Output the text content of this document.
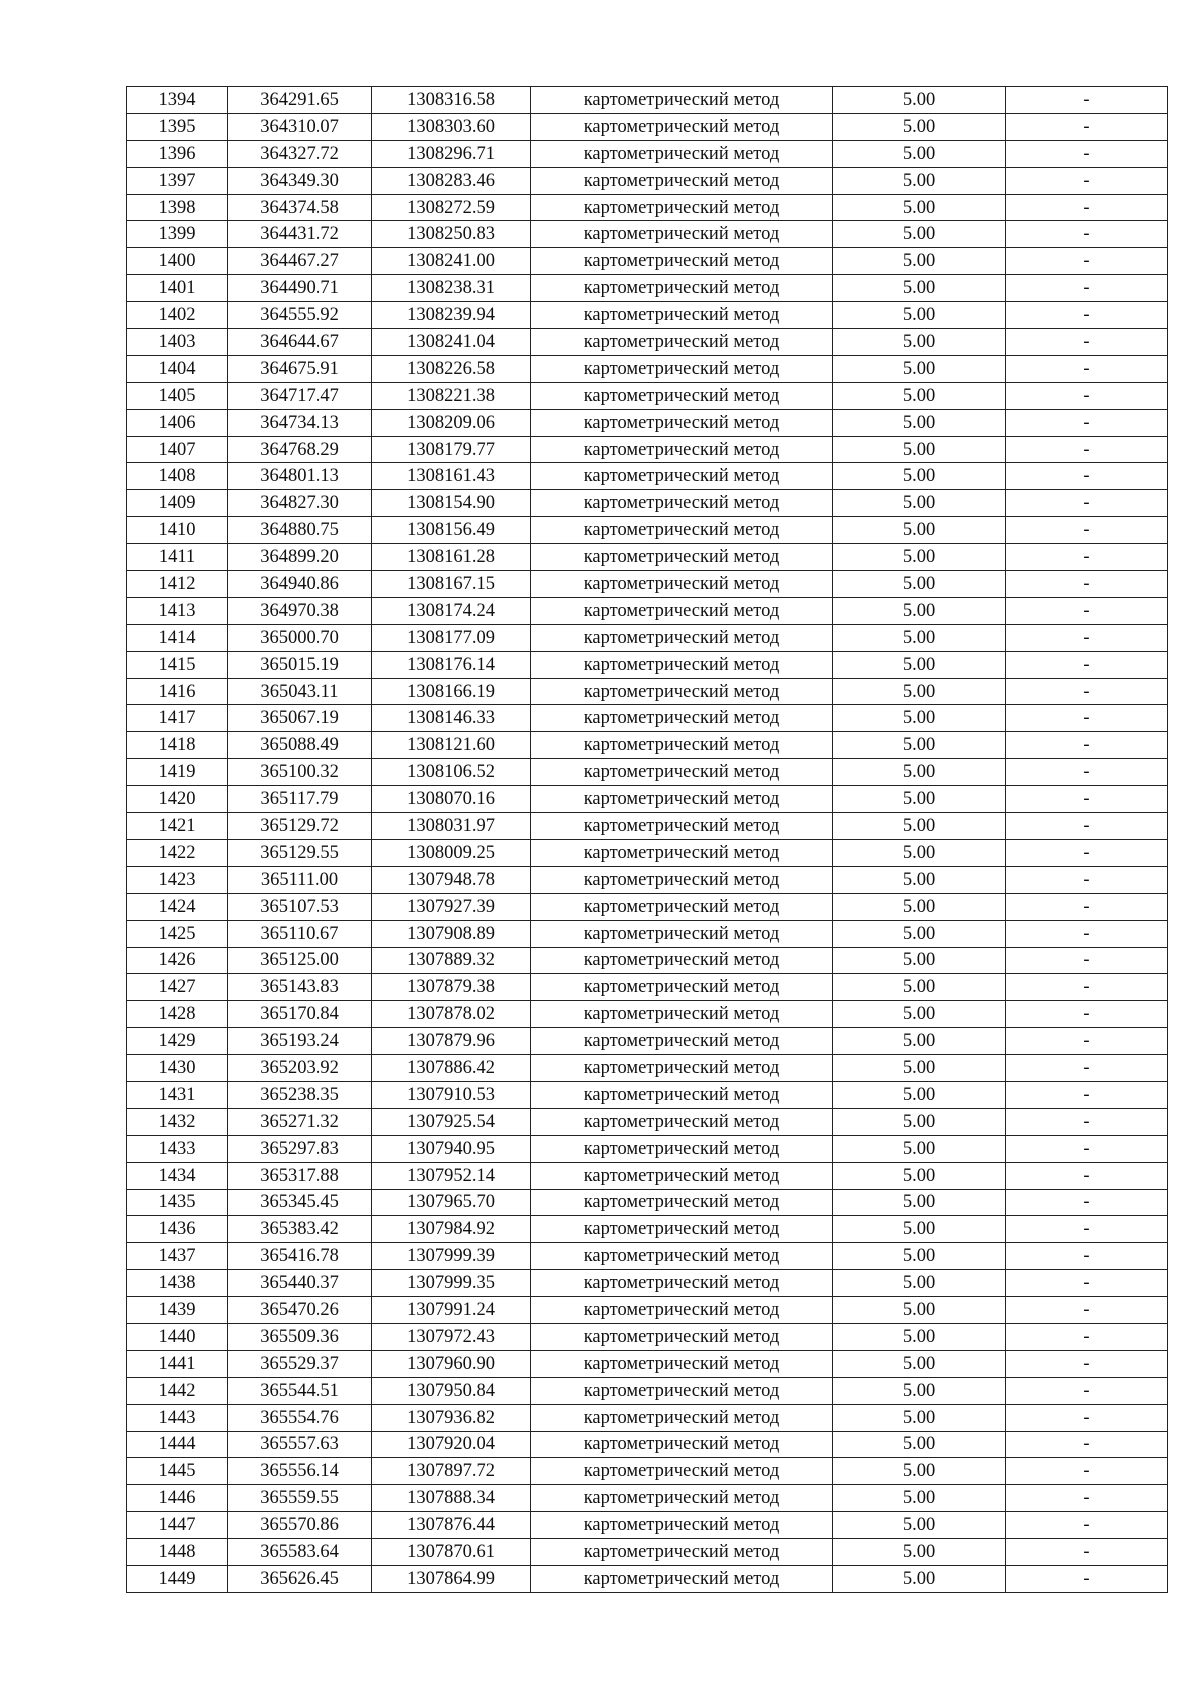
1394	364291.65	1308316.58	картометрический метод	5.00	-
1395	364310.07	1308303.60	картометрический метод	5.00	-
1396	364327.72	1308296.71	картометрический метод	5.00	-
1397	364349.30	1308283.46	картометрический метод	5.00	-
1398	364374.58	1308272.59	картометрический метод	5.00	-
1399	364431.72	1308250.83	картометрический метод	5.00	-
1400	364467.27	1308241.00	картометрический метод	5.00	-
1401	364490.71	1308238.31	картометрический метод	5.00	-
1402	364555.92	1308239.94	картометрический метод	5.00	-
1403	364644.67	1308241.04	картометрический метод	5.00	-
1404	364675.91	1308226.58	картометрический метод	5.00	-
1405	364717.47	1308221.38	картометрический метод	5.00	-
1406	364734.13	1308209.06	картометрический метод	5.00	-
1407	364768.29	1308179.77	картометрический метод	5.00	-
1408	364801.13	1308161.43	картометрический метод	5.00	-
1409	364827.30	1308154.90	картометрический метод	5.00	-
1410	364880.75	1308156.49	картометрический метод	5.00	-
1411	364899.20	1308161.28	картометрический метод	5.00	-
1412	364940.86	1308167.15	картометрический метод	5.00	-
1413	364970.38	1308174.24	картометрический метод	5.00	-
1414	365000.70	1308177.09	картометрический метод	5.00	-
1415	365015.19	1308176.14	картометрический метод	5.00	-
1416	365043.11	1308166.19	картометрический метод	5.00	-
1417	365067.19	1308146.33	картометрический метод	5.00	-
1418	365088.49	1308121.60	картометрический метод	5.00	-
1419	365100.32	1308106.52	картометрический метод	5.00	-
1420	365117.79	1308070.16	картометрический метод	5.00	-
1421	365129.72	1308031.97	картометрический метод	5.00	-
1422	365129.55	1308009.25	картометрический метод	5.00	-
1423	365111.00	1307948.78	картометрический метод	5.00	-
1424	365107.53	1307927.39	картометрический метод	5.00	-
1425	365110.67	1307908.89	картометрический метод	5.00	-
1426	365125.00	1307889.32	картометрический метод	5.00	-
1427	365143.83	1307879.38	картометрический метод	5.00	-
1428	365170.84	1307878.02	картометрический метод	5.00	-
1429	365193.24	1307879.96	картометрический метод	5.00	-
1430	365203.92	1307886.42	картометрический метод	5.00	-
1431	365238.35	1307910.53	картометрический метод	5.00	-
1432	365271.32	1307925.54	картометрический метод	5.00	-
1433	365297.83	1307940.95	картометрический метод	5.00	-
1434	365317.88	1307952.14	картометрический метод	5.00	-
1435	365345.45	1307965.70	картометрический метод	5.00	-
1436	365383.42	1307984.92	картометрический метод	5.00	-
1437	365416.78	1307999.39	картометрический метод	5.00	-
1438	365440.37	1307999.35	картометрический метод	5.00	-
1439	365470.26	1307991.24	картометрический метод	5.00	-
1440	365509.36	1307972.43	картометрический метод	5.00	-
1441	365529.37	1307960.90	картометрический метод	5.00	-
1442	365544.51	1307950.84	картометрический метод	5.00	-
1443	365554.76	1307936.82	картометрический метод	5.00	-
1444	365557.63	1307920.04	картометрический метод	5.00	-
1445	365556.14	1307897.72	картометрический метод	5.00	-
1446	365559.55	1307888.34	картометрический метод	5.00	-
1447	365570.86	1307876.44	картометрический метод	5.00	-
1448	365583.64	1307870.61	картометрический метод	5.00	-
1449	365626.45	1307864.99	картометрический метод	5.00	-
